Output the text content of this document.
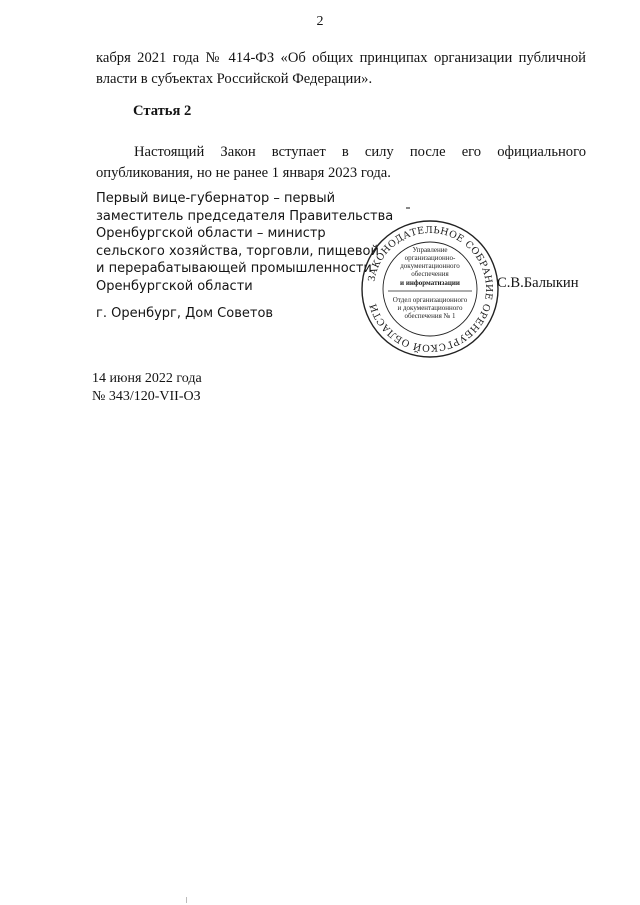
2
кабря 2021 года № 414-ФЗ «Об общих принципах организации публичной власти в субъектах Российской Федерации».
Статья 2
Настоящий Закон вступает в силу после его официального опубликования, но не ранее 1 января 2023 года.
Первый вице-губернатор – первый
заместитель председателя Правительства
Оренбургской области – министр
сельского хозяйства, торговли, пищевой
и перерабатывающей промышленности
Оренбургской области
г. Оренбург, Дом Советов
ЗАКОНОДАТЕЛЬНОЕ СОБРАНИЕ ОРЕНБУРГСКОЙ ОБЛАСТИ
Управление
организационно-
документационного
обеспечения
и информатизации
Отдел организационного
и документационного
обеспечения № 1
С.В.Балыкин
14 июня 2022 года
№ 343/120-VII-ОЗ
